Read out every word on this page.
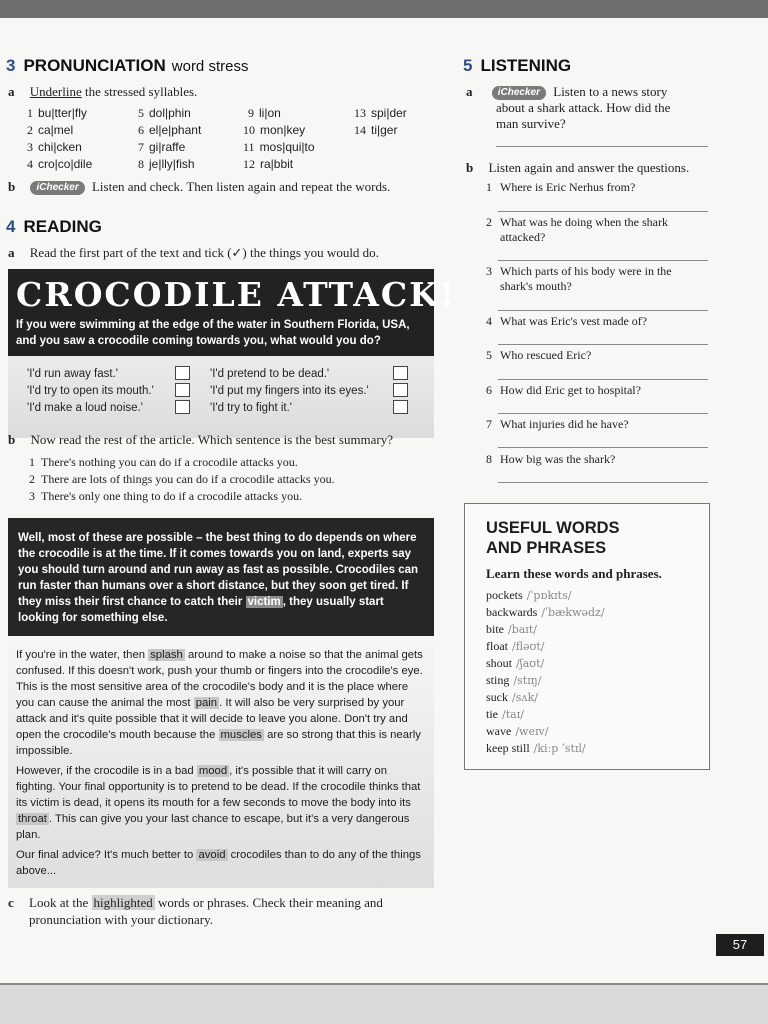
3 PRONUNCIATION word stress
a Underline the stressed syllables.
1 bu|tter|fly
2 ca|mel
3 chi|cken
4 cro|co|dile
5 dol|phin
6 el|e|phant
7 gi|raffe
8 je|lly|fish
9 li|on
10 mon|key
11 mos|qui|to
12 ra|bbit
13 spi|der
14 ti|ger
b iChecker Listen and check. Then listen again and repeat the words.
4 READING
a Read the first part of the text and tick (✓) the things you would do.
CROCODILE ATTACK!
If you were swimming at the edge of the water in Southern Florida, USA, and you saw a crocodile coming towards you, what would you do?
'I'd run away fast.'
'I'd try to open its mouth.'
'I'd make a loud noise.'
'I'd pretend to be dead.'
'I'd put my fingers into its eyes.'
'I'd try to fight it.'
b Now read the rest of the article. Which sentence is the best summary?
1 There's nothing you can do if a crocodile attacks you.
2 There are lots of things you can do if a crocodile attacks you.
3 There's only one thing to do if a crocodile attacks you.
Well, most of these are possible – the best thing to do depends on where the crocodile is at the time. If it comes towards you on land, experts say you should turn around and run away as fast as possible. Crocodiles can run faster than humans over a short distance, but they soon get tired. If they miss their first chance to catch their victim , they usually start looking for something else.

If you're in the water, then splash around to make a noise so that the animal gets confused. If this doesn't work, push your thumb or fingers into the crocodile's eye. This is the most sensitive area of the crocodile's body and it is the place where you can cause the animal the most pain . It will also be very surprised by your attack and it's quite possible that it will decide to leave you alone. Don't try and open the crocodile's mouth because the muscles are so strong that this is nearly impossible.

However, if the crocodile is in a bad mood , it's possible that it will carry on fighting. Your final opportunity is to pretend to be dead. If the crocodile thinks that its victim is dead, it opens its mouth for a few seconds to move the body into its throat . This can give you your last chance to escape, but it's a very dangerous plan.

Our final advice? It's much better to avoid crocodiles than to do any of the things above...

c Look at the highlighted words or phrases. Check their meaning and
pronunciation with your dictionary.
5 LISTENING
a	iChecker Listen to a news story
about a shark attack. How did the
man survive?
b Listen again and answer the questions.
1 Where is Eric Nerhus from?
2 What was he doing when the shark
attacked?
3 Which parts of his body were in the
shark's mouth?
4 What was Eric's vest made of?
5 Who rescued Eric?
6 How did Eric get to hospital?
7 What injuries did he have?
8 How big was the shark?
USEFUL WORDS
AND PHRASES
Learn these words and phrases.
pockets /ˈpɒkɪts/
backwards /ˈbækwədz/
bite /baɪt/
float /fləʊt/
shout /ʃaʊt/
sting /stɪŋ/
suck /sʌk/
tie /taɪ/
wave /weɪv/
keep still /kiːp ˈstɪl/
57
